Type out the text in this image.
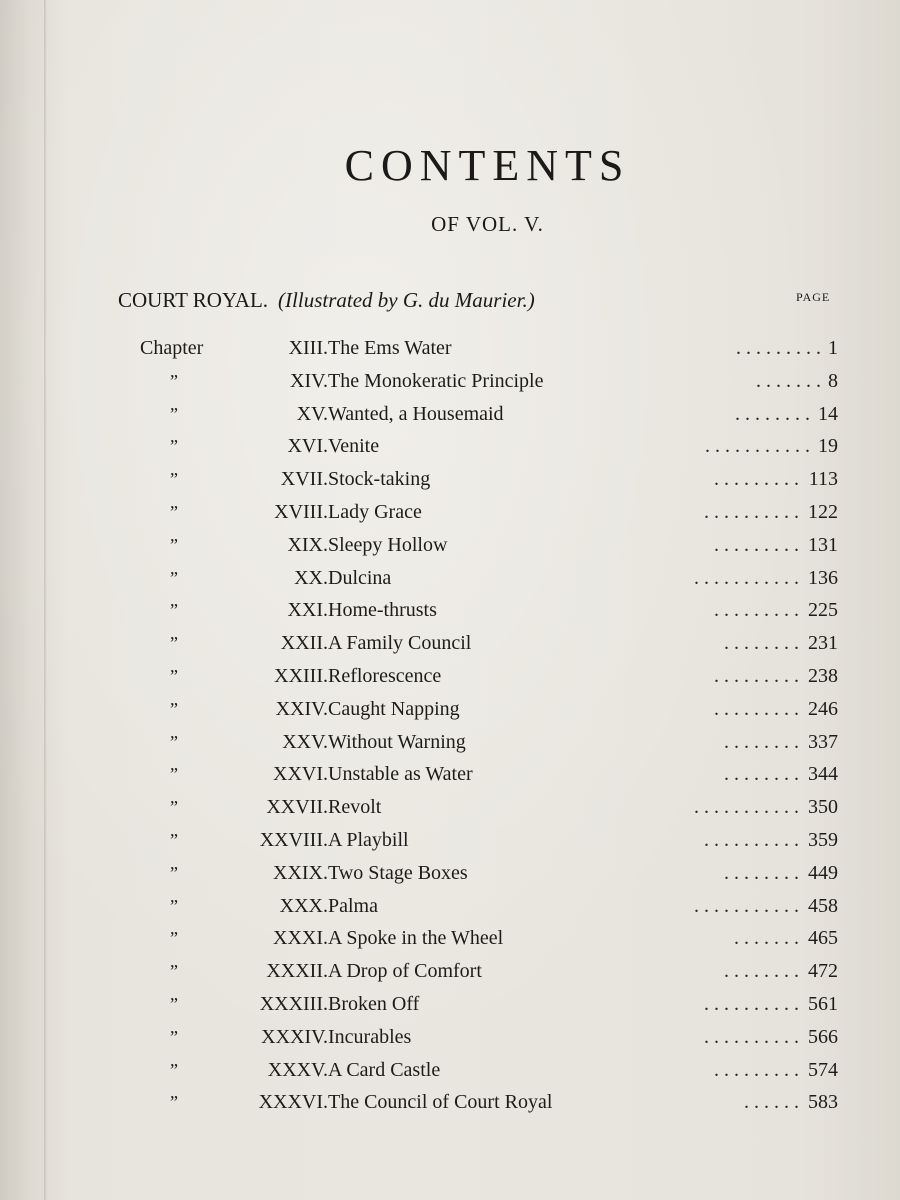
CONTENTS
OF VOL. V.
COURT ROYAL. (Illustrated by G. du Maurier.)	PAGE
Chapter	XIII. The Ems Water	. . . . . . . . . 1
”	XIV. The Monokeratic Principle	. . . . . . . 8
”	XV. Wanted, a Housemaid	. . . . . . . . 14
”	XVI. Venite	. . . . . . . . . . . 19
”	XVII. Stock-taking	. . . . . . . . . 113
”	XVIII. Lady Grace	. . . . . . . . . . 122
”	XIX. Sleepy Hollow	. . . . . . . . . 131
”	XX. Dulcina	. . . . . . . . . . . 136
”	XXI. Home-thrusts	. . . . . . . . . 225
”	XXII. A Family Council	. . . . . . . . 231
”	XXIII. Reflorescence	. . . . . . . . . 238
”	XXIV. Caught Napping	. . . . . . . . . 246
”	XXV. Without Warning	. . . . . . . . 337
”	XXVI. Unstable as Water	. . . . . . . . 344
”	XXVII. Revolt	. . . . . . . . . . . 350
”	XXVIII. A Playbill	. . . . . . . . . . 359
”	XXIX. Two Stage Boxes	. . . . . . . . 449
”	XXX. Palma	. . . . . . . . . . . 458
”	XXXI. A Spoke in the Wheel	. . . . . . . 465
”	XXXII. A Drop of Comfort	. . . . . . . . 472
”	XXXIII. Broken Off	. . . . . . . . . . 561
”	XXXIV. Incurables	. . . . . . . . . . 566
”	XXXV. A Card Castle	. . . . . . . . . 574
”	XXXVI. The Council of Court Royal	. . . . . . 583
